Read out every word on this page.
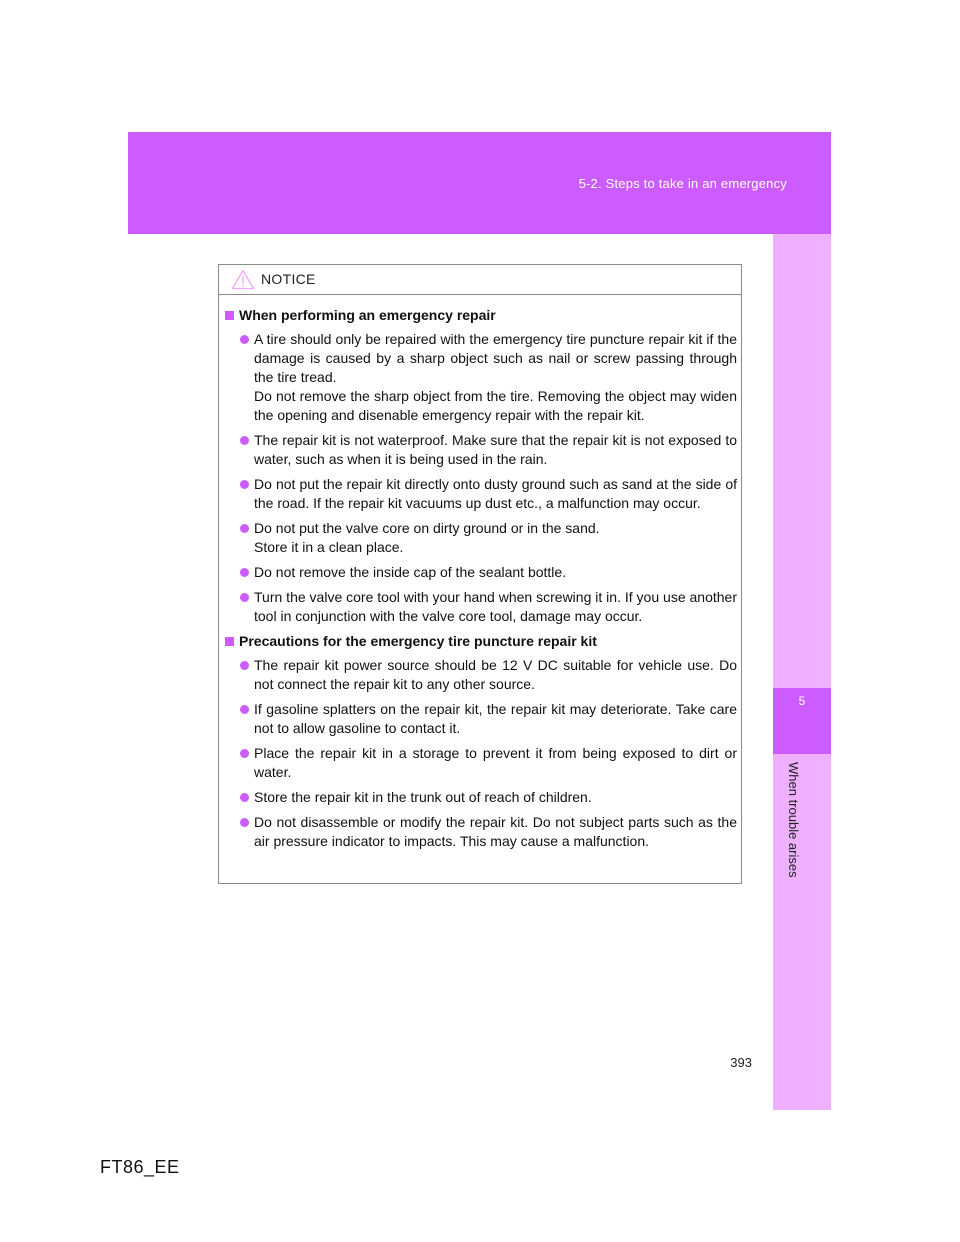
5-2. Steps to take in an emergency
5
When trouble arises
NOTICE
When performing an emergency repair

A tire should only be repaired with the emergency tire puncture repair kit if the damage is caused by a sharp object such as nail or screw passing through the tire tread.

Do not remove the sharp object from the tire. Removing the object may widen the opening and disenable emergency repair with the repair kit.

The repair kit is not waterproof. Make sure that the repair kit is not exposed to water, such as when it is being used in the rain.

Do not put the repair kit directly onto dusty ground such as sand at the side of the road. If the repair kit vacuums up dust etc., a malfunction may occur.

Do not put the valve core on dirty ground or in the sand.

Store it in a clean place.

Do not remove the inside cap of the sealant bottle.

Turn the valve core tool with your hand when screwing it in. If you use another tool in conjunction with the valve core tool, damage may occur.

Precautions for the emergency tire puncture repair kit

The repair kit power source should be 12 V DC suitable for vehicle use. Do not connect the repair kit to any other source.

If gasoline splatters on the repair kit, the repair kit may deteriorate. Take care not to allow gasoline to contact it.

Place the repair kit in a storage to prevent it from being exposed to dirt or water.

Store the repair kit in the trunk out of reach of children.

Do not disassemble or modify the repair kit. Do not subject parts such as the air pressure indicator to impacts. This may cause a malfunction.

393
FT86_EE
